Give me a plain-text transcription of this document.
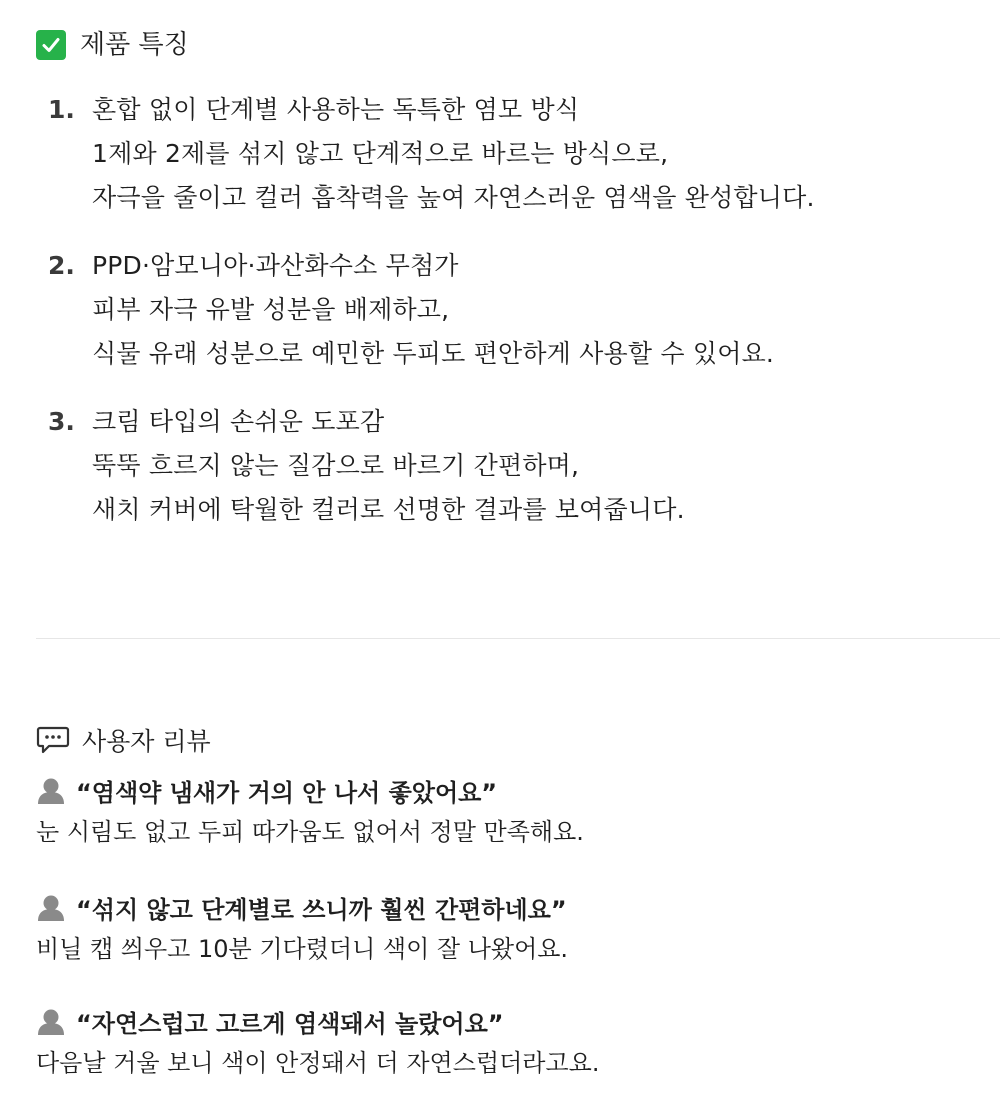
제품 특징
1. 혼합 없이 단계별 사용하는 독특한 염모 방식
1제와 2제를 섞지 않고 단계적으로 바르는 방식으로,
자극을 줄이고 컬러 흡착력을 높여 자연스러운 염색을 완성합니다.
2. PPD·암모니아·과산화수소 무첨가
피부 자극 유발 성분을 배제하고,
식물 유래 성분으로 예민한 두피도 편안하게 사용할 수 있어요.
3. 크림 타입의 손쉬운 도포감
뚝뚝 흐르지 않는 질감으로 바르기 간편하며,
새치 커버에 탁월한 컬러로 선명한 결과를 보여줍니다.
사용자 리뷰
“염색약 냄새가 거의 안 나서 좋았어요”
눈 시림도 없고 두피 따가움도 없어서 정말 만족해요.
“섞지 않고 단계별로 쓰니까 훨씬 간편하네요”
비닐 캡 씌우고 10분 기다렸더니 색이 잘 나왔어요.
“자연스럽고 고르게 염색돼서 놀랐어요”
다음날 거울 보니 색이 안정돼서 더 자연스럽더라고요.
